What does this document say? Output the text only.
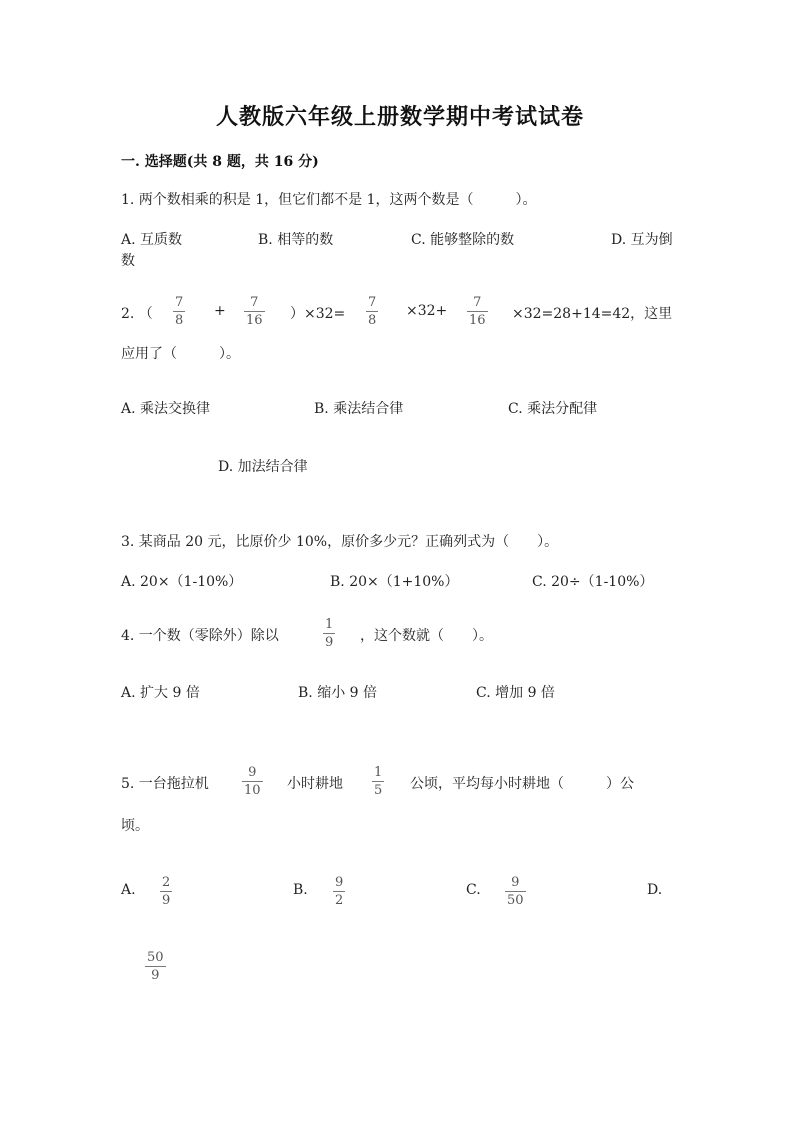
人教版六年级上册数学期中考试试卷
一. 选择题(共 8 题，共 16 分)
1. 两个数相乘的积是 1，但它们都不是 1，这两个数是（　　　）。
A. 互质数	B. 相等的数	C. 能够整除的数	D. 互为倒
数
2. （
7
8
+
7
16 ）×32=
7
8
×32+
7
16 ×32=28+14=42，这里
应用了（　　　）。
A. 乘法交换律	B. 乘法结合律	C. 乘法分配律
D. 加法结合律
3. 某商品 20 元，比原价少 10%，原价多少元？正确列式为（　　）。
A. 20×（1-10%）	B. 20×（1+10%）	C. 20÷（1-10%）
4. 一个数（零除外）除以
1
9 ，这个数就（　　）。
A. 扩大 9 倍	B. 缩小 9 倍	C. 增加 9 倍
5. 一台拖拉机
9
10 小时耕地
1
5 公顷，平均每小时耕地（　　　）公
顷。
A. 2
9
B. 9
2
C. 9
50
D.
50
9
